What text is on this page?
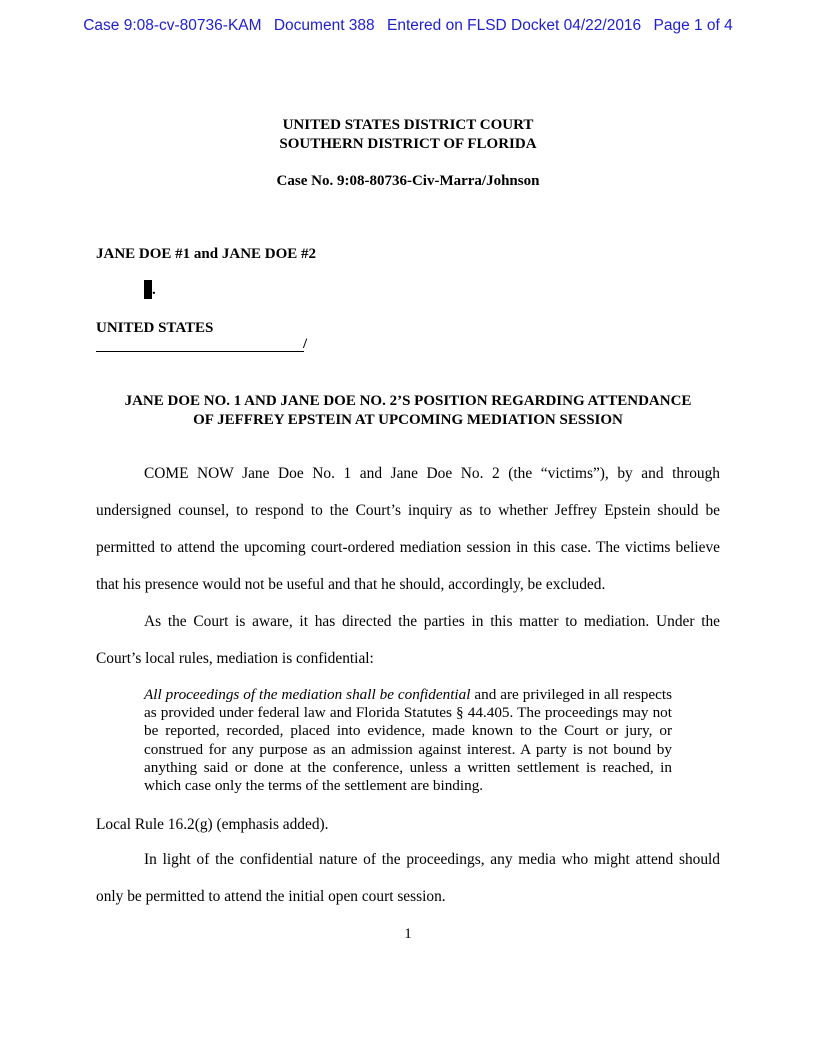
Case 9:08-cv-80736-KAM Document 388 Entered on FLSD Docket 04/22/2016 Page 1 of 4
UNITED STATES DISTRICT COURT
SOUTHERN DISTRICT OF FLORIDA
Case No. 9:08-80736-Civ-Marra/Johnson
JANE DOE #1 and JANE DOE #2
.
UNITED STATES
/
JANE DOE NO. 1 AND JANE DOE NO. 2’S POSITION REGARDING ATTENDANCE
OF JEFFREY EPSTEIN AT UPCOMING MEDIATION SESSION
COME NOW Jane Doe No. 1 and Jane Doe No. 2 (the “victims”), by and through undersigned counsel, to respond to the Court’s inquiry as to whether Jeffrey Epstein should be permitted to attend the upcoming court-ordered mediation session in this case. The victims believe that his presence would not be useful and that he should, accordingly, be excluded.
As the Court is aware, it has directed the parties in this matter to mediation. Under the Court’s local rules, mediation is confidential:
All proceedings of the mediation shall be confidential and are privileged in all respects as provided under federal law and Florida Statutes § 44.405. The proceedings may not be reported, recorded, placed into evidence, made known to the Court or jury, or construed for any purpose as an admission against interest. A party is not bound by anything said or done at the conference, unless a written settlement is reached, in which case only the terms of the settlement are binding.
Local Rule 16.2(g) (emphasis added).
In light of the confidential nature of the proceedings, any media who might attend should only be permitted to attend the initial open court session.
1
